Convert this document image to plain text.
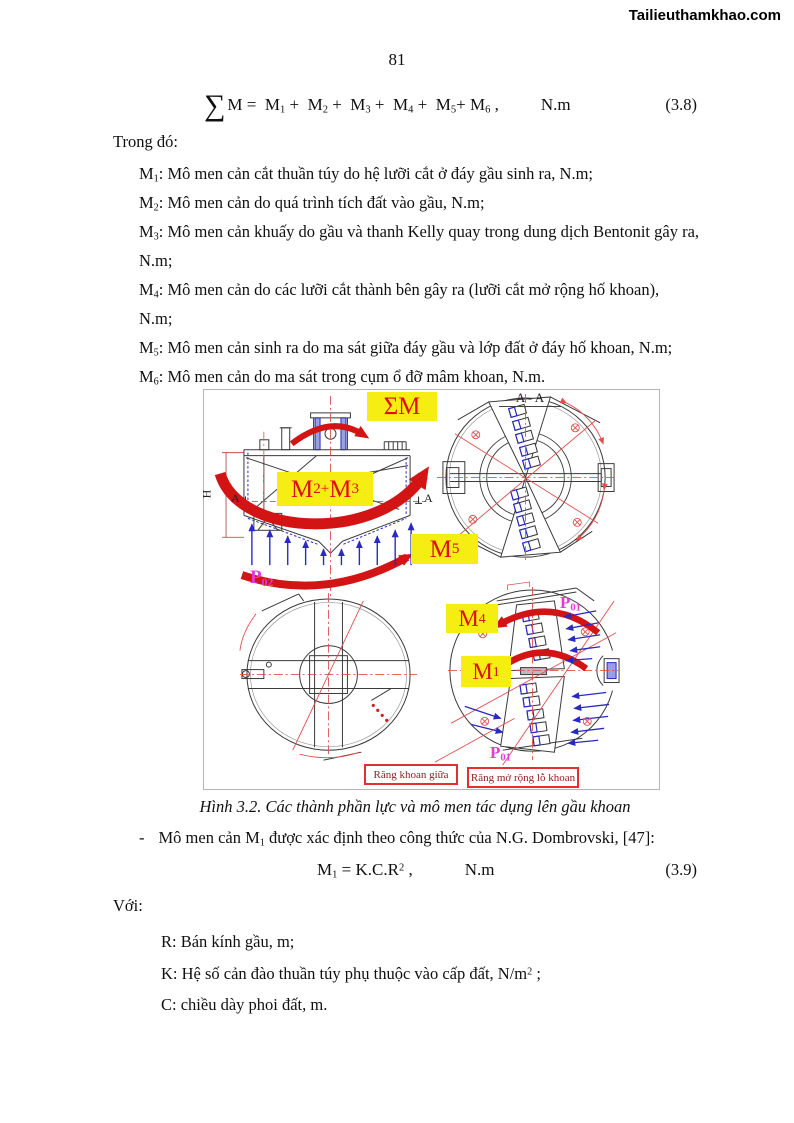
Tailieuthamkhao.com
81
∑ $M = M_1 + M_2 + M_3 + M_4 + M_5+ M_6$ , N.m	(3.8)
Trong đó:
$M_1$: Mô men cản cắt thuần túy do hệ lưỡi cắt ở đáy gầu sinh ra, N.m;
$M_2$: Mô men cản do quá trình tích đất vào gầu, N.m;
$M_3$: Mô men cản khuấy do gầu và thanh Kelly quay trong dung dịch Bentonit gây ra,
N.m;
$M_4$: Mô men cản do các lưỡi cắt thành bên gây ra (lưỡi cắt mở rộng hố khoan),
N.m;
$M_5$: Mô men cản sinh ra do ma sát giữa đáy gầu và lớp đất ở đáy hố khoan, N.m;
$M_6$: Mô men cản do ma sát trong cụm ổ đỡ mâm khoan, N.m.
ΣM
M 2+ M 3
M 5
M 4
M 1
$P_{02}$
$P_{01}$
$P_{01}$
A - A
H A	A
Răng khoan giữa	Răng mở rộng lỗ khoan
Hình 3.2. Các thành phần lực và mô men tác dụng lên gầu khoan
- Mô men cản $M_1$ được xác định theo công thức của N.G. Dombrovski, [47]:
$M_1 = K.C.R^2$ ,	N.m	(3.9)
Với:
R: Bán kính gầu, m;
K: Hệ số cản đào thuần túy phụ thuộc vào cấp đất, $N/m^2$ ;
C: chiều dày phoi đất, m.
